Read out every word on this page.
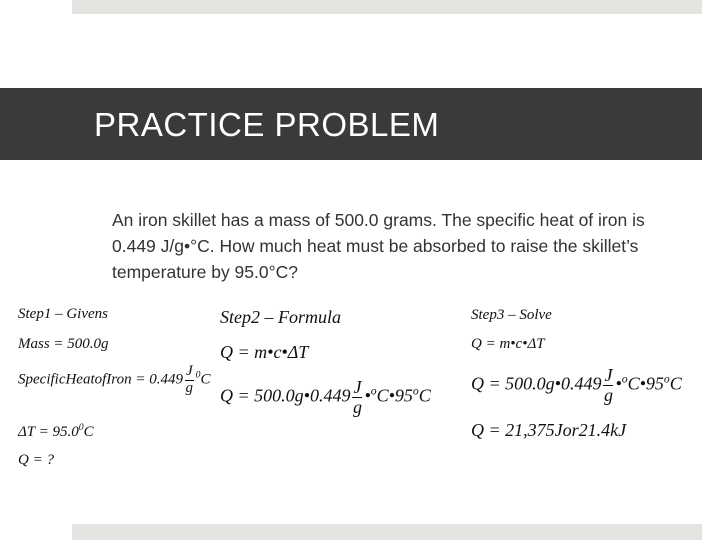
PRACTICE PROBLEM
An iron skillet has a mass of 500.0 grams. The specific heat of iron is
0.449 J/g•°C. How much heat must be absorbed to raise the skillet’s
temperature by 95.0°C?
Step1 – Givens
Mass = 500.0g
SpecificHeatofIron = $0.449 \frac{J}{g} ^0C$
$\Delta T = 95.0^0C$
Q = ?
Step2 – Formula
Q = m•c•ΔT
Q = 500.0g•0.449 $\frac{J}{g}$ •$^o$C•95$^o$C
Step3 – Solve
Q = m•c•ΔT
Q = 500.0g•0.449 $\frac{J}{g}$ •$^o$C•95$^o$C
Q = 21,375Jor21.4kJ
